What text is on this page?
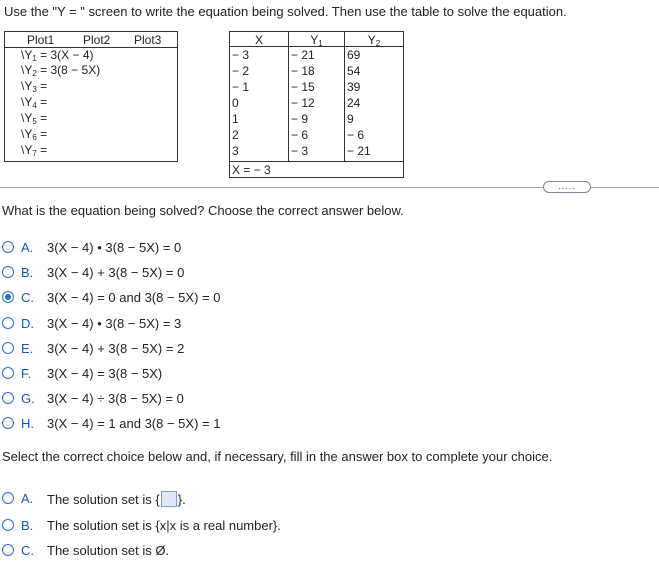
Use the "Y = " screen to write the equation being solved. Then use the table to solve the equation.
Plot1 Plot2 Plot3
$\backslash Y_1 = 3(X - 4)$
$\backslash Y_2 = 3(8 - 5X)$
$\backslash Y_3$ =
$\backslash Y_4$ =
$\backslash Y_5$ =
$\backslash Y_6$ =
$\backslash Y_7$ =
X	$Y_1$	$Y_2$
− 3
− 2
− 1
0
1
2
3
− 21
− 18
− 15
− 12
− 9
− 6
− 3
69
54
39
24
9
− 6
− 21
X = − 3
.....
What is the equation being solved? Choose the correct answer below.
A. 3(X − 4) • 3(8 − 5X) = 0
B. 3(X − 4) + 3(8 − 5X) = 0
C. 3(X − 4) = 0 and 3(8 − 5X) = 0
D. 3(X − 4) • 3(8 − 5X) = 3
E. 3(X − 4) + 3(8 − 5X) = 2
F. 3(X − 4) = 3(8 − 5X)
G. 3(X − 4) ÷ 3(8 − 5X) = 0
H. 3(X − 4) = 1 and 3(8 − 5X) = 1
Select the correct choice below and, if necessary, fill in the answer box to complete your choice.
A. The solution set is { }.
B. The solution set is {x|x is a real number}.
C. The solution set is Ø.
